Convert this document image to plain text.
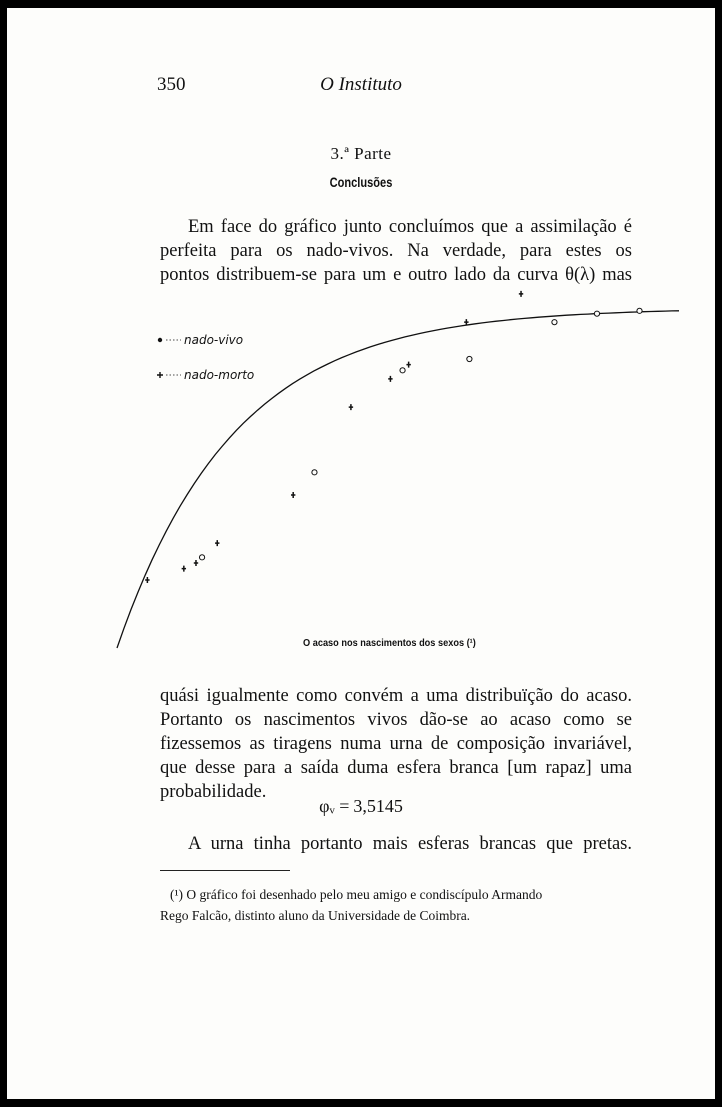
350	O Instituto
3.ª Parte
Conclusões
Em face do gráfico junto concluímos que a assimilação é
perfeita para os nado-vivos. Na verdade, para estes os
pontos distribuem-se para um e outro lado da curva θ(λ) mas
nado-vivo
nado-morto
O acaso nos nascimentos dos sexos (¹)
quási igualmente como convém a uma distribuïção do acaso.
Portanto os nascimentos vivos dão-se ao acaso como se
fizessemos as tiragens numa urna de composição invariável,
que desse para a saída duma esfera branca [um rapaz] uma
probabilidade.
φᵥ = 3,5145
A urna tinha portanto mais esferas brancas que pretas.
(¹) O gráfico foi desenhado pelo meu amigo e condiscípulo Armando
Rego Falcão, distinto aluno da Universidade de Coimbra.
